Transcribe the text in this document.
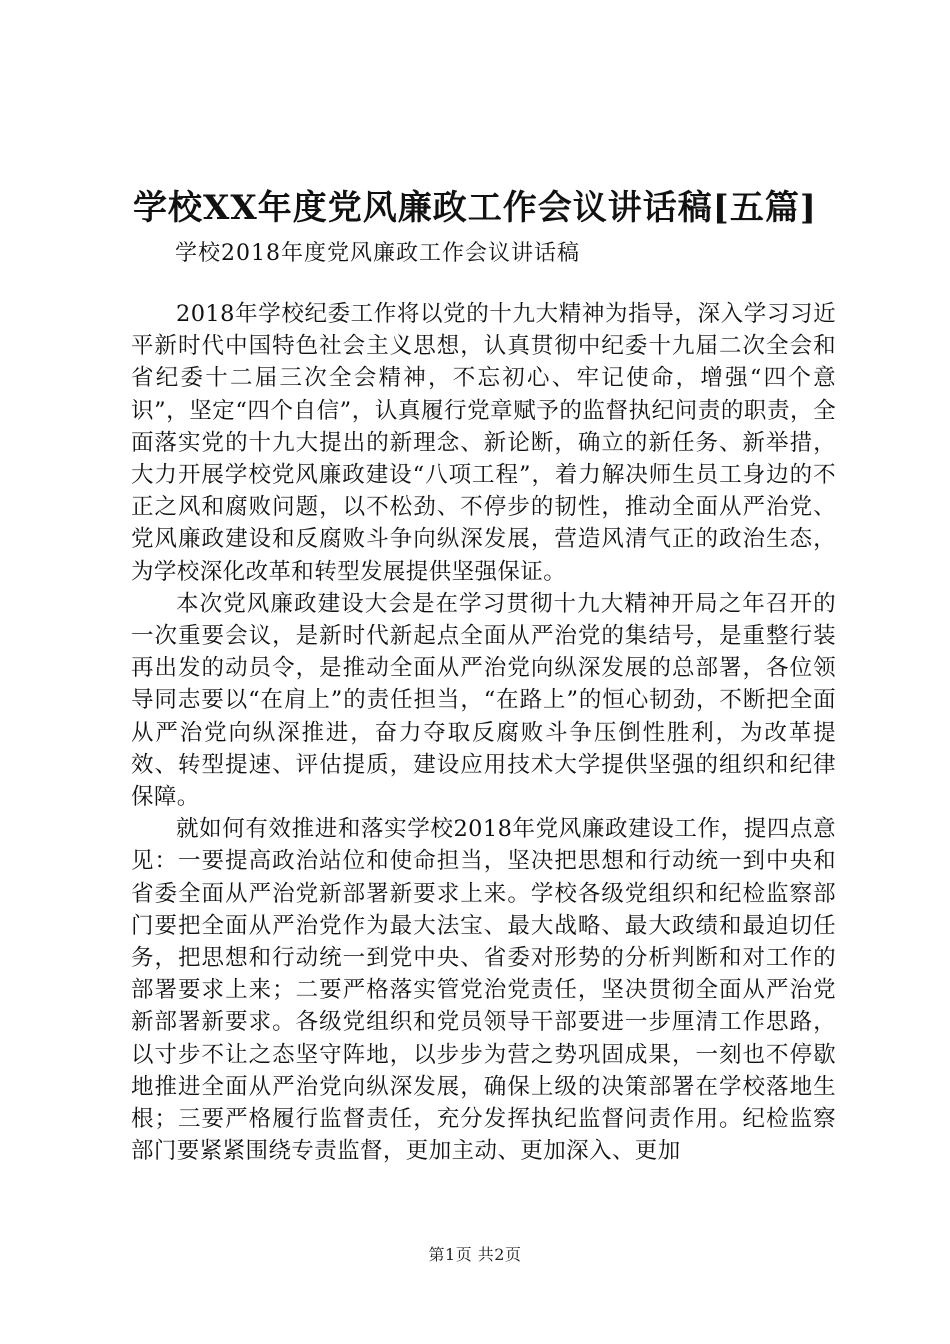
学校XX年度党风廉政工作会议讲话稿[五篇]

学校2018年度党风廉政工作会议讲话稿

2018年学校纪委工作将以党的十九大精神为指导，深入学习习近平新时代中国特色社会主义思想，认真贯彻中纪委十九届二次全会和省纪委十二届三次全会精神，不忘初心、牢记使命，增强“四个意识”，坚定“四个自信”，认真履行党章赋予的监督执纪问责的职责，全面落实党的十九大提出的新理念、新论断，确立的新任务、新举措，大力开展学校党风廉政建设“八项工程”，着力解决师生员工身边的不正之风和腐败问题，以不松劲、不停步的韧性，推动全面从严治党、党风廉政建设和反腐败斗争向纵深发展，营造风清气正的政治生态，为学校深化改革和转型发展提供坚强保证。

本次党风廉政建设大会是在学习贯彻十九大精神开局之年召开的一次重要会议，是新时代新起点全面从严治党的集结号，是重整行装再出发的动员令，是推动全面从严治党向纵深发展的总部署，各位领导同志要以“在肩上”的责任担当，“在路上”的恒心韧劲，不断把全面从严治党向纵深推进，奋力夺取反腐败斗争压倒性胜利，为改革提效、转型提速、评估提质，建设应用技术大学提供坚强的组织和纪律保障。

就如何有效推进和落实学校2018年党风廉政建设工作，提四点意见：一要提高政治站位和使命担当，坚决把思想和行动统一到中央和省委全面从严治党新部署新要求上来。学校各级党组织和纪检监察部门要把全面从严治党作为最大法宝、最大战略、最大政绩和最迫切任务，把思想和行动统一到党中央、省委对形势的分析判断和对工作的部署要求上来；二要严格落实管党治党责任，坚决贯彻全面从严治党新部署新要求。各级党组织和党员领导干部要进一步厘清工作思路，以寸步不让之态坚守阵地，以步步为营之势巩固成果，一刻也不停歇地推进全面从严治党向纵深发展，确保上级的决策部署在学校落地生根；三要严格履行监督责任，充分发挥执纪监督问责作用。纪检监察部门要紧紧围绕专责监督，更加主动、更加深入、更加

第1页 共2页
